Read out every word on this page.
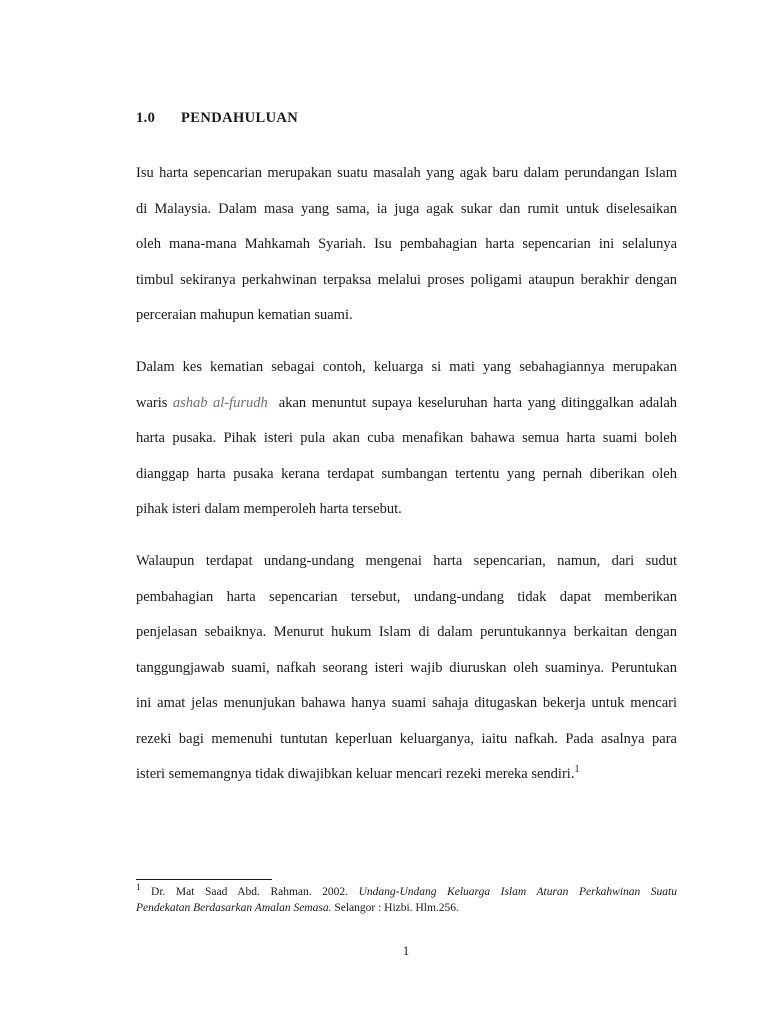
1.0 PENDAHULUAN
Isu harta sepencarian merupakan suatu masalah yang agak baru dalam perundangan Islam
di Malaysia. Dalam masa yang sama, ia juga agak sukar dan rumit untuk diselesaikan
oleh mana-mana Mahkamah Syariah. Isu pembahagian harta sepencarian ini selalunya
timbul sekiranya perkahwinan terpaksa melalui proses poligami ataupun berakhir dengan
perceraian mahupun kematian suami.
Dalam kes kematian sebagai contoh, keluarga si mati yang sebahagiannya merupakan
waris ashab al-furudh akan menuntut supaya keseluruhan harta yang ditinggalkan adalah
harta pusaka. Pihak isteri pula akan cuba menafikan bahawa semua harta suami boleh
dianggap harta pusaka kerana terdapat sumbangan tertentu yang pernah diberikan oleh
pihak isteri dalam memperoleh harta tersebut.
Walaupun terdapat undang-undang mengenai harta sepencarian, namun, dari sudut
pembahagian harta sepencarian tersebut, undang-undang tidak dapat memberikan
penjelasan sebaiknya. Menurut hukum Islam di dalam peruntukannya berkaitan dengan
tanggungjawab suami, nafkah seorang isteri wajib diuruskan oleh suaminya. Peruntukan
ini amat jelas menunjukan bahawa hanya suami sahaja ditugaskan bekerja untuk mencari
rezeki bagi memenuhi tuntutan keperluan keluarganya, iaitu nafkah. Pada asalnya para
isteri sememangnya tidak diwajibkan keluar mencari rezeki mereka sendiri.$^1$
$^1$ Dr. Mat Saad Abd. Rahman. 2002. Undang-Undang Keluarga Islam Aturan Perkahwinan Suatu
Pendekatan Berdasarkan Amalan Semasa. Selangor : Hizbi. Hlm.256.
1
